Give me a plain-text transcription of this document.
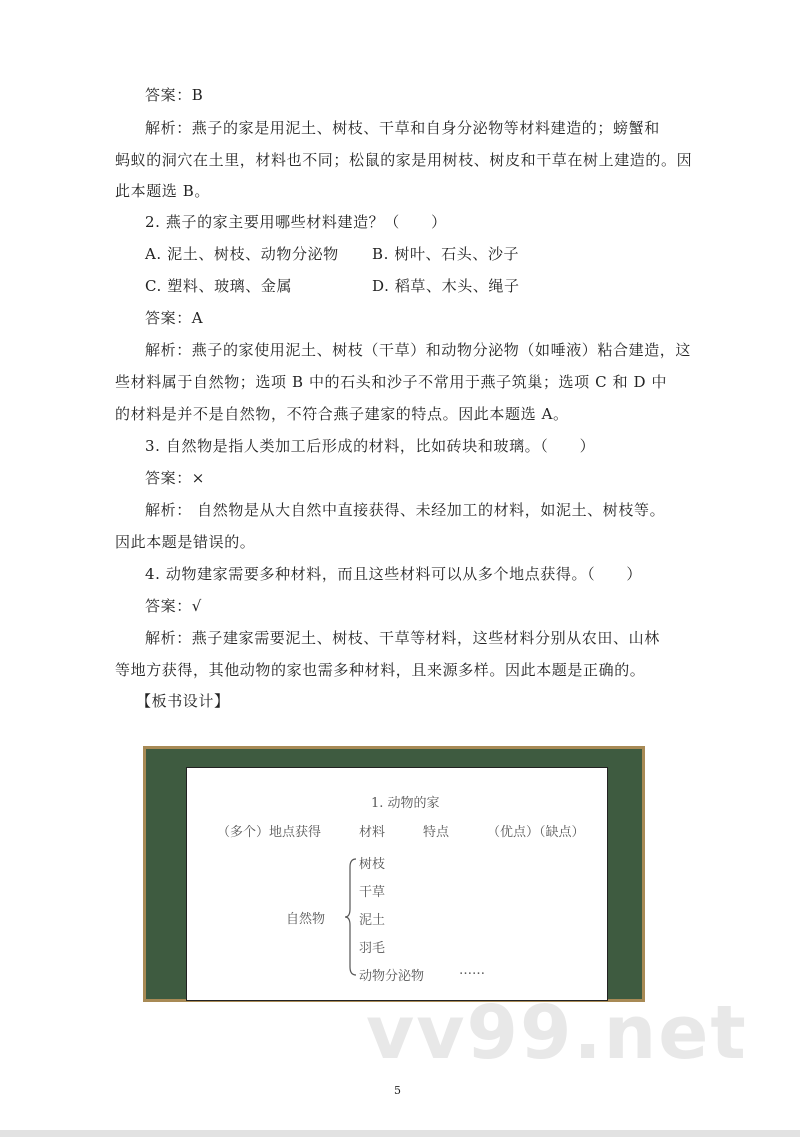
答案：B
解析：燕子的家是用泥土、树枝、干草和自身分泌物等材料建造的；螃蟹和
蚂蚁的洞穴在土里，材料也不同；松鼠的家是用树枝、树皮和干草在树上建造的。因
此本题选 B。
2. 燕子的家主要用哪些材料建造？（　　）
A. 泥土、树枝、动物分泌物 B. 树叶、石头、沙子
C. 塑料、玻璃、金属	D. 稻草、木头、绳子
答案：A
解析：燕子的家使用泥土、树枝（干草）和动物分泌物（如唾液）粘合建造，这
些材料属于自然物；选项 B 中的石头和沙子不常用于燕子筑巢；选项 C 和 D 中
的材料是并不是自然物，不符合燕子建家的特点。因此本题选 A。
3. 自然物是指人类加工后形成的材料，比如砖块和玻璃。（　　）
答案：×
解析： 自然物是从大自然中直接获得、未经加工的材料，如泥土、树枝等。
因此本题是错误的。
4. 动物建家需要多种材料，而且这些材料可以从多个地点获得。（　　）
答案：√
解析：燕子建家需要泥土、树枝、干草等材料，这些材料分别从农田、山林
等地方获得，其他动物的家也需多种材料，且来源多样。因此本题是正确的。
【板书设计】
1. 动物的家
（多个）地点获得	材料	特点	（优点）（缺点）
自然物
树枝
干草
泥土
羽毛
动物分泌物	……
vv99.net
5
